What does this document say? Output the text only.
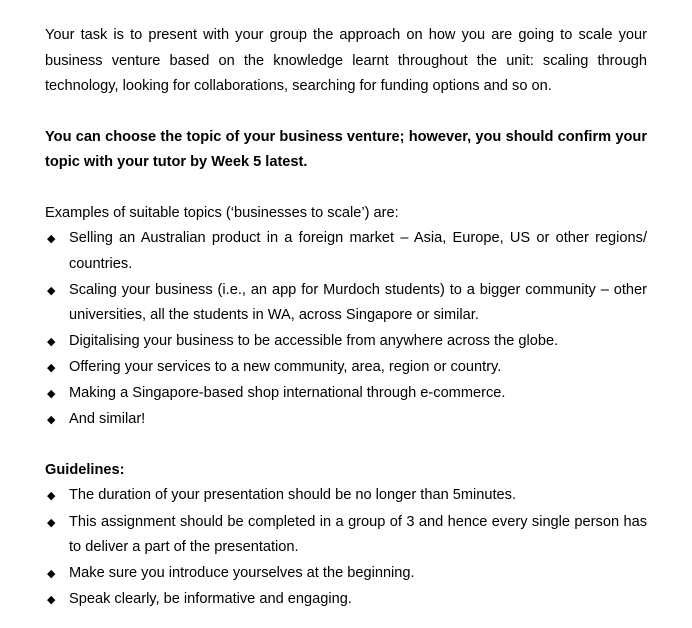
Your task is to present with your group the approach on how you are going to scale your business venture based on the knowledge learnt throughout the unit: scaling through technology, looking for collaborations, searching for funding options and so on.

You can choose the topic of your business venture; however, you should confirm your topic with your tutor by Week 5 latest.

Examples of suitable topics (‘businesses to scale’) are:

◆ Selling an Australian product in a foreign market – Asia, Europe, US or other regions/ countries.
◆ Scaling your business (i.e., an app for Murdoch students) to a bigger community – other universities, all the students in WA, across Singapore or similar.
◆ Digitalising your business to be accessible from anywhere across the globe.
◆ Offering your services to a new community, area, region or country.
◆ Making a Singapore-based shop international through e-commerce.
◆ And similar!

Guidelines:

◆ The duration of your presentation should be no longer than 5minutes.
◆ This assignment should be completed in a group of 3 and hence every single person has to deliver a part of the presentation.
◆ Make sure you introduce yourselves at the beginning.
◆ Speak clearly, be informative and engaging.
